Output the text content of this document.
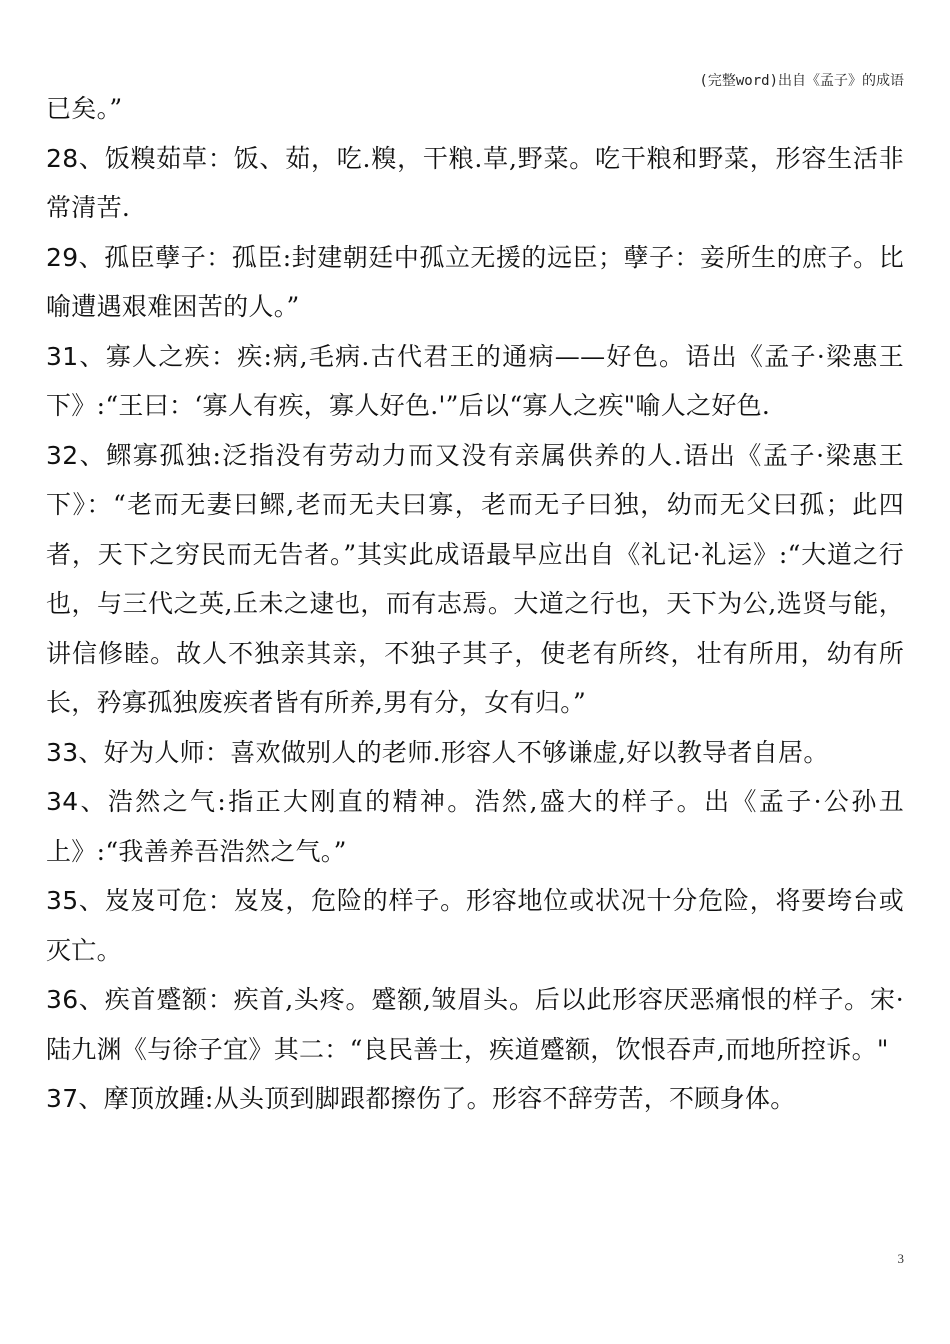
(完整word)出自《孟子》的成语

已矣。”

28、饭糗茹草：饭、茹，吃.糗，干粮.草,野菜。吃干粮和野菜，形容生活非常清苦.

29、孤臣孽子：孤臣:封建朝廷中孤立无援的远臣；孽子：妾所生的庶子。比喻遭遇艰难困苦的人。”

31、寡人之疾：疾:病,毛病.古代君王的通病——好色。语出《孟子·梁惠王下》:“王曰：‘寡人有疾，寡人好色.'”后以“寡人之疾"喻人之好色.

32、鳏寡孤独:泛指没有劳动力而又没有亲属供养的人.语出《孟子·梁惠王下》：“老而无妻曰鳏,老而无夫曰寡，老而无子曰独，幼而无父曰孤；此四者，天下之穷民而无告者。”其实此成语最早应出自《礼记·礼运》:“大道之行也，与三代之英,丘未之逮也，而有志焉。大道之行也，天下为公,选贤与能，讲信修睦。故人不独亲其亲，不独子其子，使老有所终，壮有所用，幼有所长，矜寡孤独废疾者皆有所养,男有分，女有归。”

33、好为人师：喜欢做别人的老师.形容人不够谦虚,好以教导者自居。

34、浩然之气:指正大刚直的精神。浩然,盛大的样子。出《孟子·公孙丑上》:“我善养吾浩然之气。”

35、岌岌可危：岌岌，危险的样子。形容地位或状况十分危险，将要垮台或灭亡。

36、疾首蹙额：疾首,头疼。蹙额,皱眉头。后以此形容厌恶痛恨的样子。宋·陆九渊《与徐子宜》其二：“良民善士，疾道蹙额，饮恨吞声,而地所控诉。"

37、摩顶放踵:从头顶到脚跟都擦伤了。形容不辞劳苦，不顾身体。

3
